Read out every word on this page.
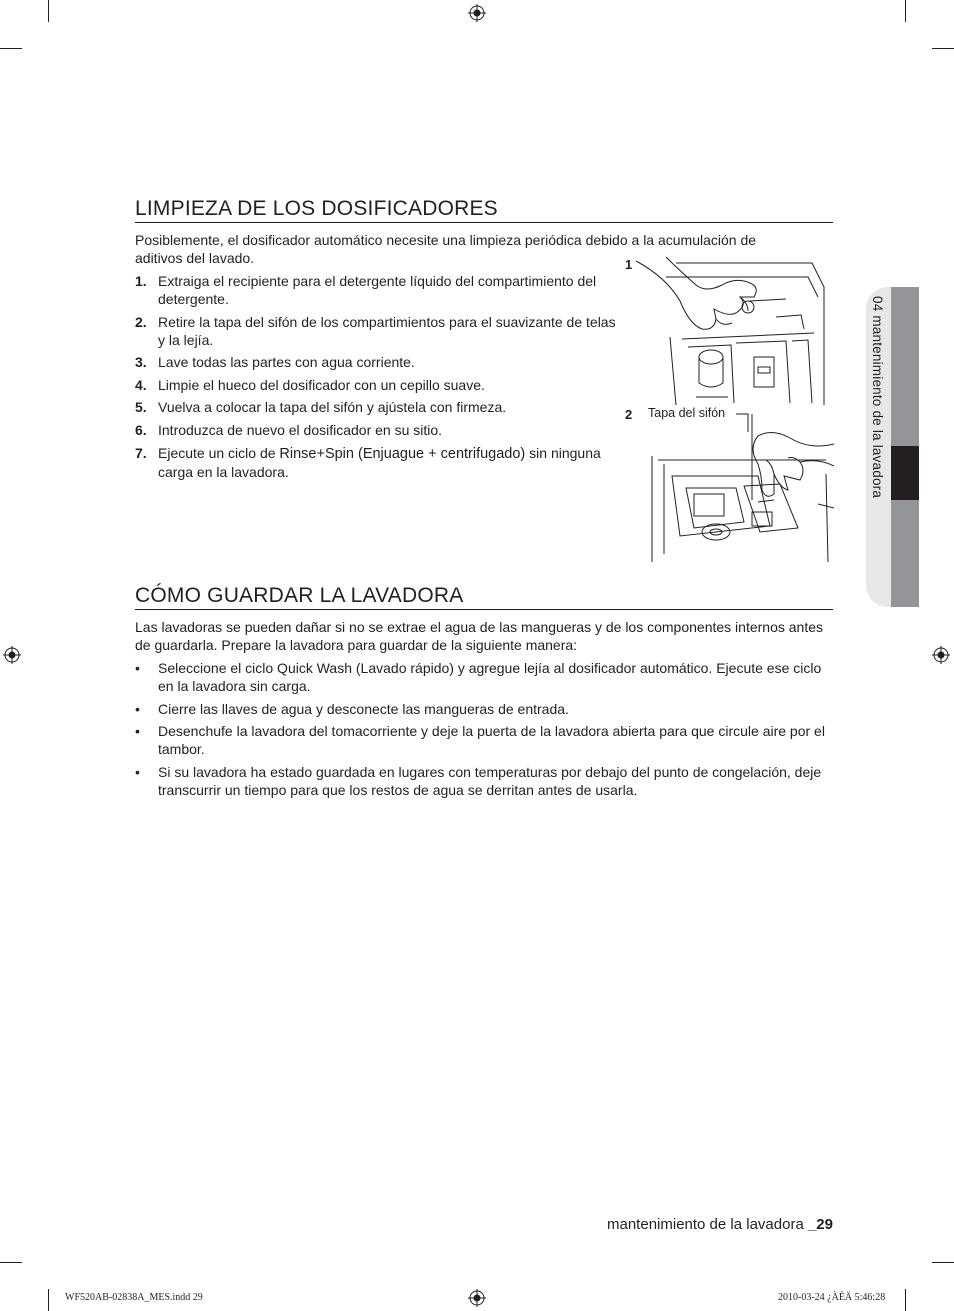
LIMPIEZA DE LOS DOSIFICADORES

Posiblemente, el dosificador automático necesite una limpieza periódica debido a la acumulación de aditivos del lavado.

1. Extraiga el recipiente para el detergente líquido del compartimiento del detergente.
2. Retire la tapa del sifón de los compartimientos para el suavizante de telas y la lejía.
3. Lave todas las partes con agua corriente.
4. Limpie el hueco del dosificador con un cepillo suave.
5. Vuelva a colocar la tapa del sifón y ajústela con firmeza.
6. Introduzca de nuevo el dosificador en su sitio.
7. Ejecute un ciclo de Rinse+Spin (Enjuague + centrifugado) sin ninguna carga en la lavadora.
1
2 Tapa del sifón
CÓMO GUARDAR LA LAVADORA

Las lavadoras se pueden dañar si no se extrae el agua de las mangueras y de los componentes internos antes de guardarla. Prepare la lavadora para guardar de la siguiente manera:

• Seleccione el ciclo Quick Wash (Lavado rápido) y agregue lejía al dosificador automático. Ejecute ese ciclo en la lavadora sin carga.
• Cierre las llaves de agua y desconecte las mangueras de entrada.
• Desenchufe la lavadora del tomacorriente y deje la puerta de la lavadora abierta para que circule aire por el tambor.
• Si su lavadora ha estado guardada en lugares con temperaturas por debajo del punto de congelación, deje transcurrir un tiempo para que los restos de agua se derritan antes de usarla.
04 mantenimiento de la lavadora
mantenimiento de la lavadora _29
WF520AB-02838A_MES.indd 29	2010-03-24 ¿ÀÈÄ 5:46:28
